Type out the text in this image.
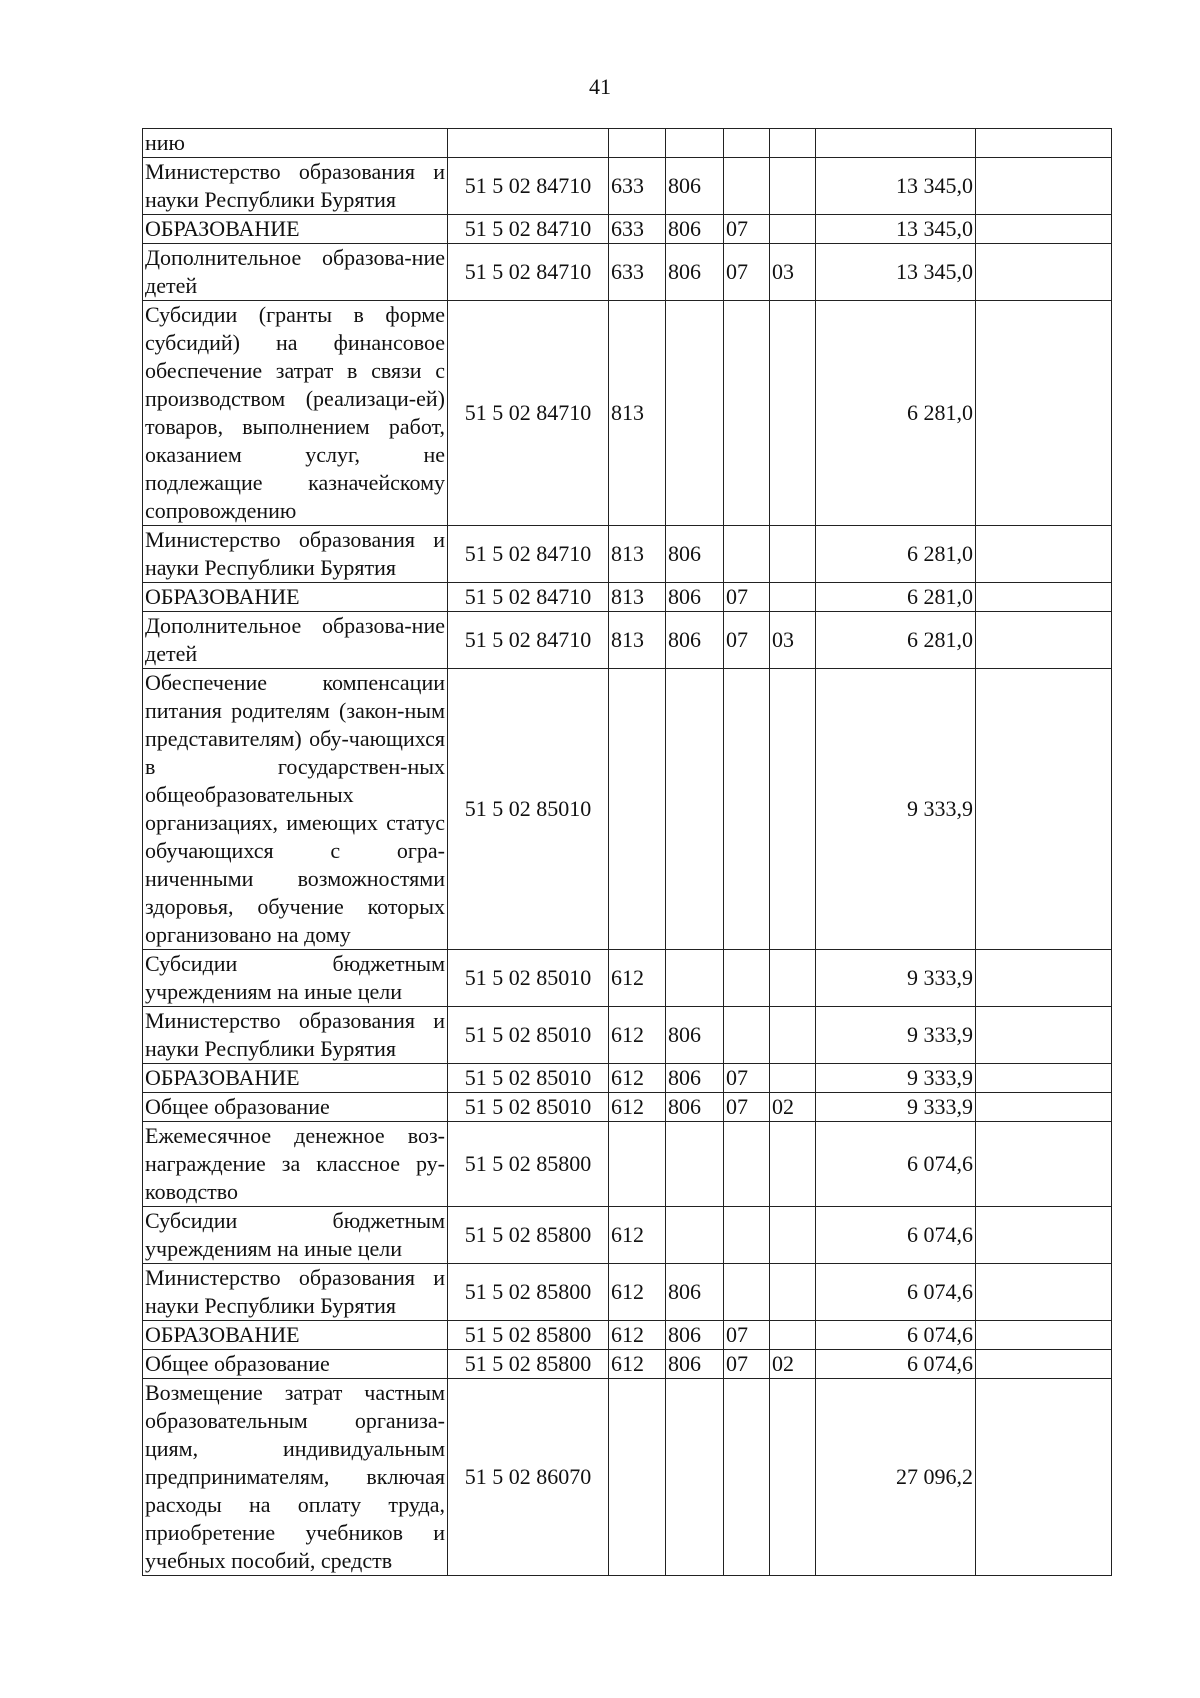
41
нию							
Министерство образования и науки Республики Бурятия	51 5 02 84710	633	806			13 345,0	
ОБРАЗОВАНИЕ	51 5 02 84710	633	806	07		13 345,0	
Дополнительное образова-ние детей	51 5 02 84710	633	806	07	03	13 345,0	
Субсидии (гранты в форме субсидий) на финансовое обеспечение затрат в связи с производством (реализаци-ей) товаров, выполнением работ, оказанием услуг, не подлежащие казначейскому сопровождению	51 5 02 84710	813				6 281,0	
Министерство образования и науки Республики Бурятия	51 5 02 84710	813	806			6 281,0	
ОБРАЗОВАНИЕ	51 5 02 84710	813	806	07		6 281,0	
Дополнительное образова-ние детей	51 5 02 84710	813	806	07	03	6 281,0	
Обеспечение компенсации питания родителям (закон-ным представителям) обу-чающихся в государствен-ных общеобразовательных организациях, имеющих статус обучающихся с огра-ниченными возможностями здоровья, обучение которых организовано на дому	51 5 02 85010					9 333,9	
Субсидии бюджетным учреждениям на иные цели	51 5 02 85010	612				9 333,9	
Министерство образования и науки Республики Бурятия	51 5 02 85010	612	806			9 333,9	
ОБРАЗОВАНИЕ	51 5 02 85010	612	806	07		9 333,9	
Общее образование	51 5 02 85010	612	806	07	02	9 333,9	
Ежемесячное денежное воз-награждение за классное ру-ководство	51 5 02 85800					6 074,6	
Субсидии бюджетным учреждениям на иные цели	51 5 02 85800	612				6 074,6	
Министерство образования и науки Республики Бурятия	51 5 02 85800	612	806			6 074,6	
ОБРАЗОВАНИЕ	51 5 02 85800	612	806	07		6 074,6	
Общее образование	51 5 02 85800	612	806	07	02	6 074,6	
Возмещение затрат частным образовательным организа-циям, индивидуальным предпринимателям, включая расходы на оплату труда, приобретение учебников и учебных пособий, средств	51 5 02 86070					27 096,2	
